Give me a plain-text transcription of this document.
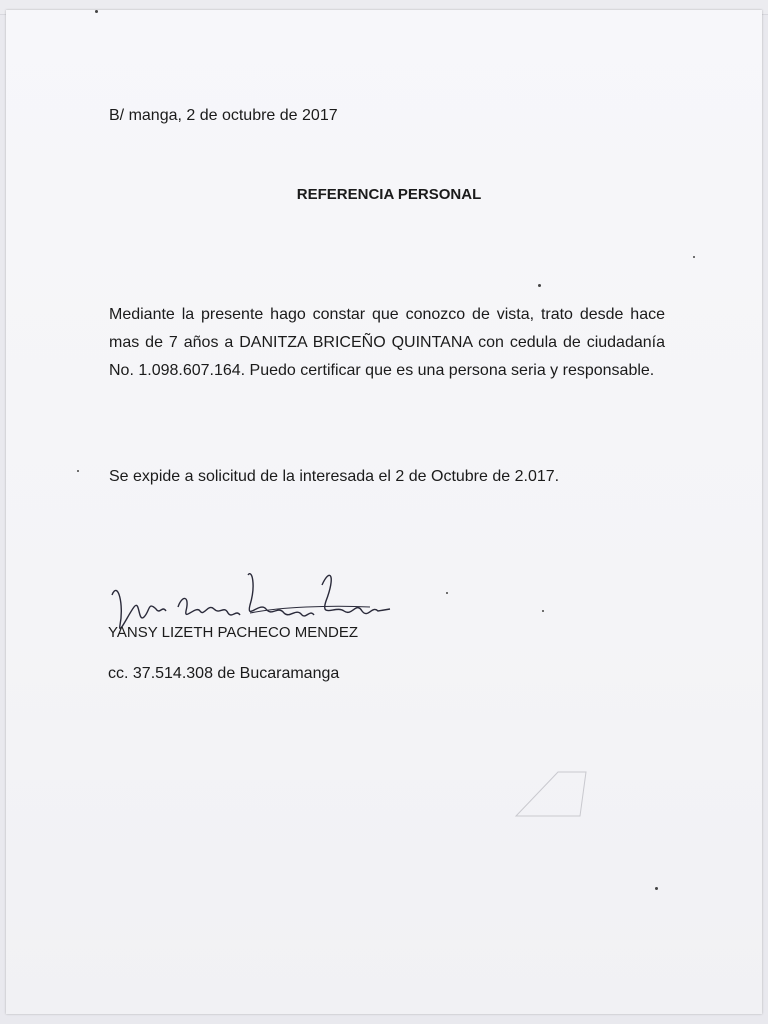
B/ manga, 2 de octubre de 2017
REFERENCIA PERSONAL
Mediante la presente hago constar que conozco de vista, trato desde hace mas de 7 años a DANITZA BRICEÑO QUINTANA con cedula de ciudadanía No. 1.098.607.164. Puedo certificar que es una persona seria y responsable.
Se expide a solicitud de la interesada el 2 de Octubre de 2.017.
YANSY LIZETH PACHECO MENDEZ
cc. 37.514.308 de Bucaramanga
